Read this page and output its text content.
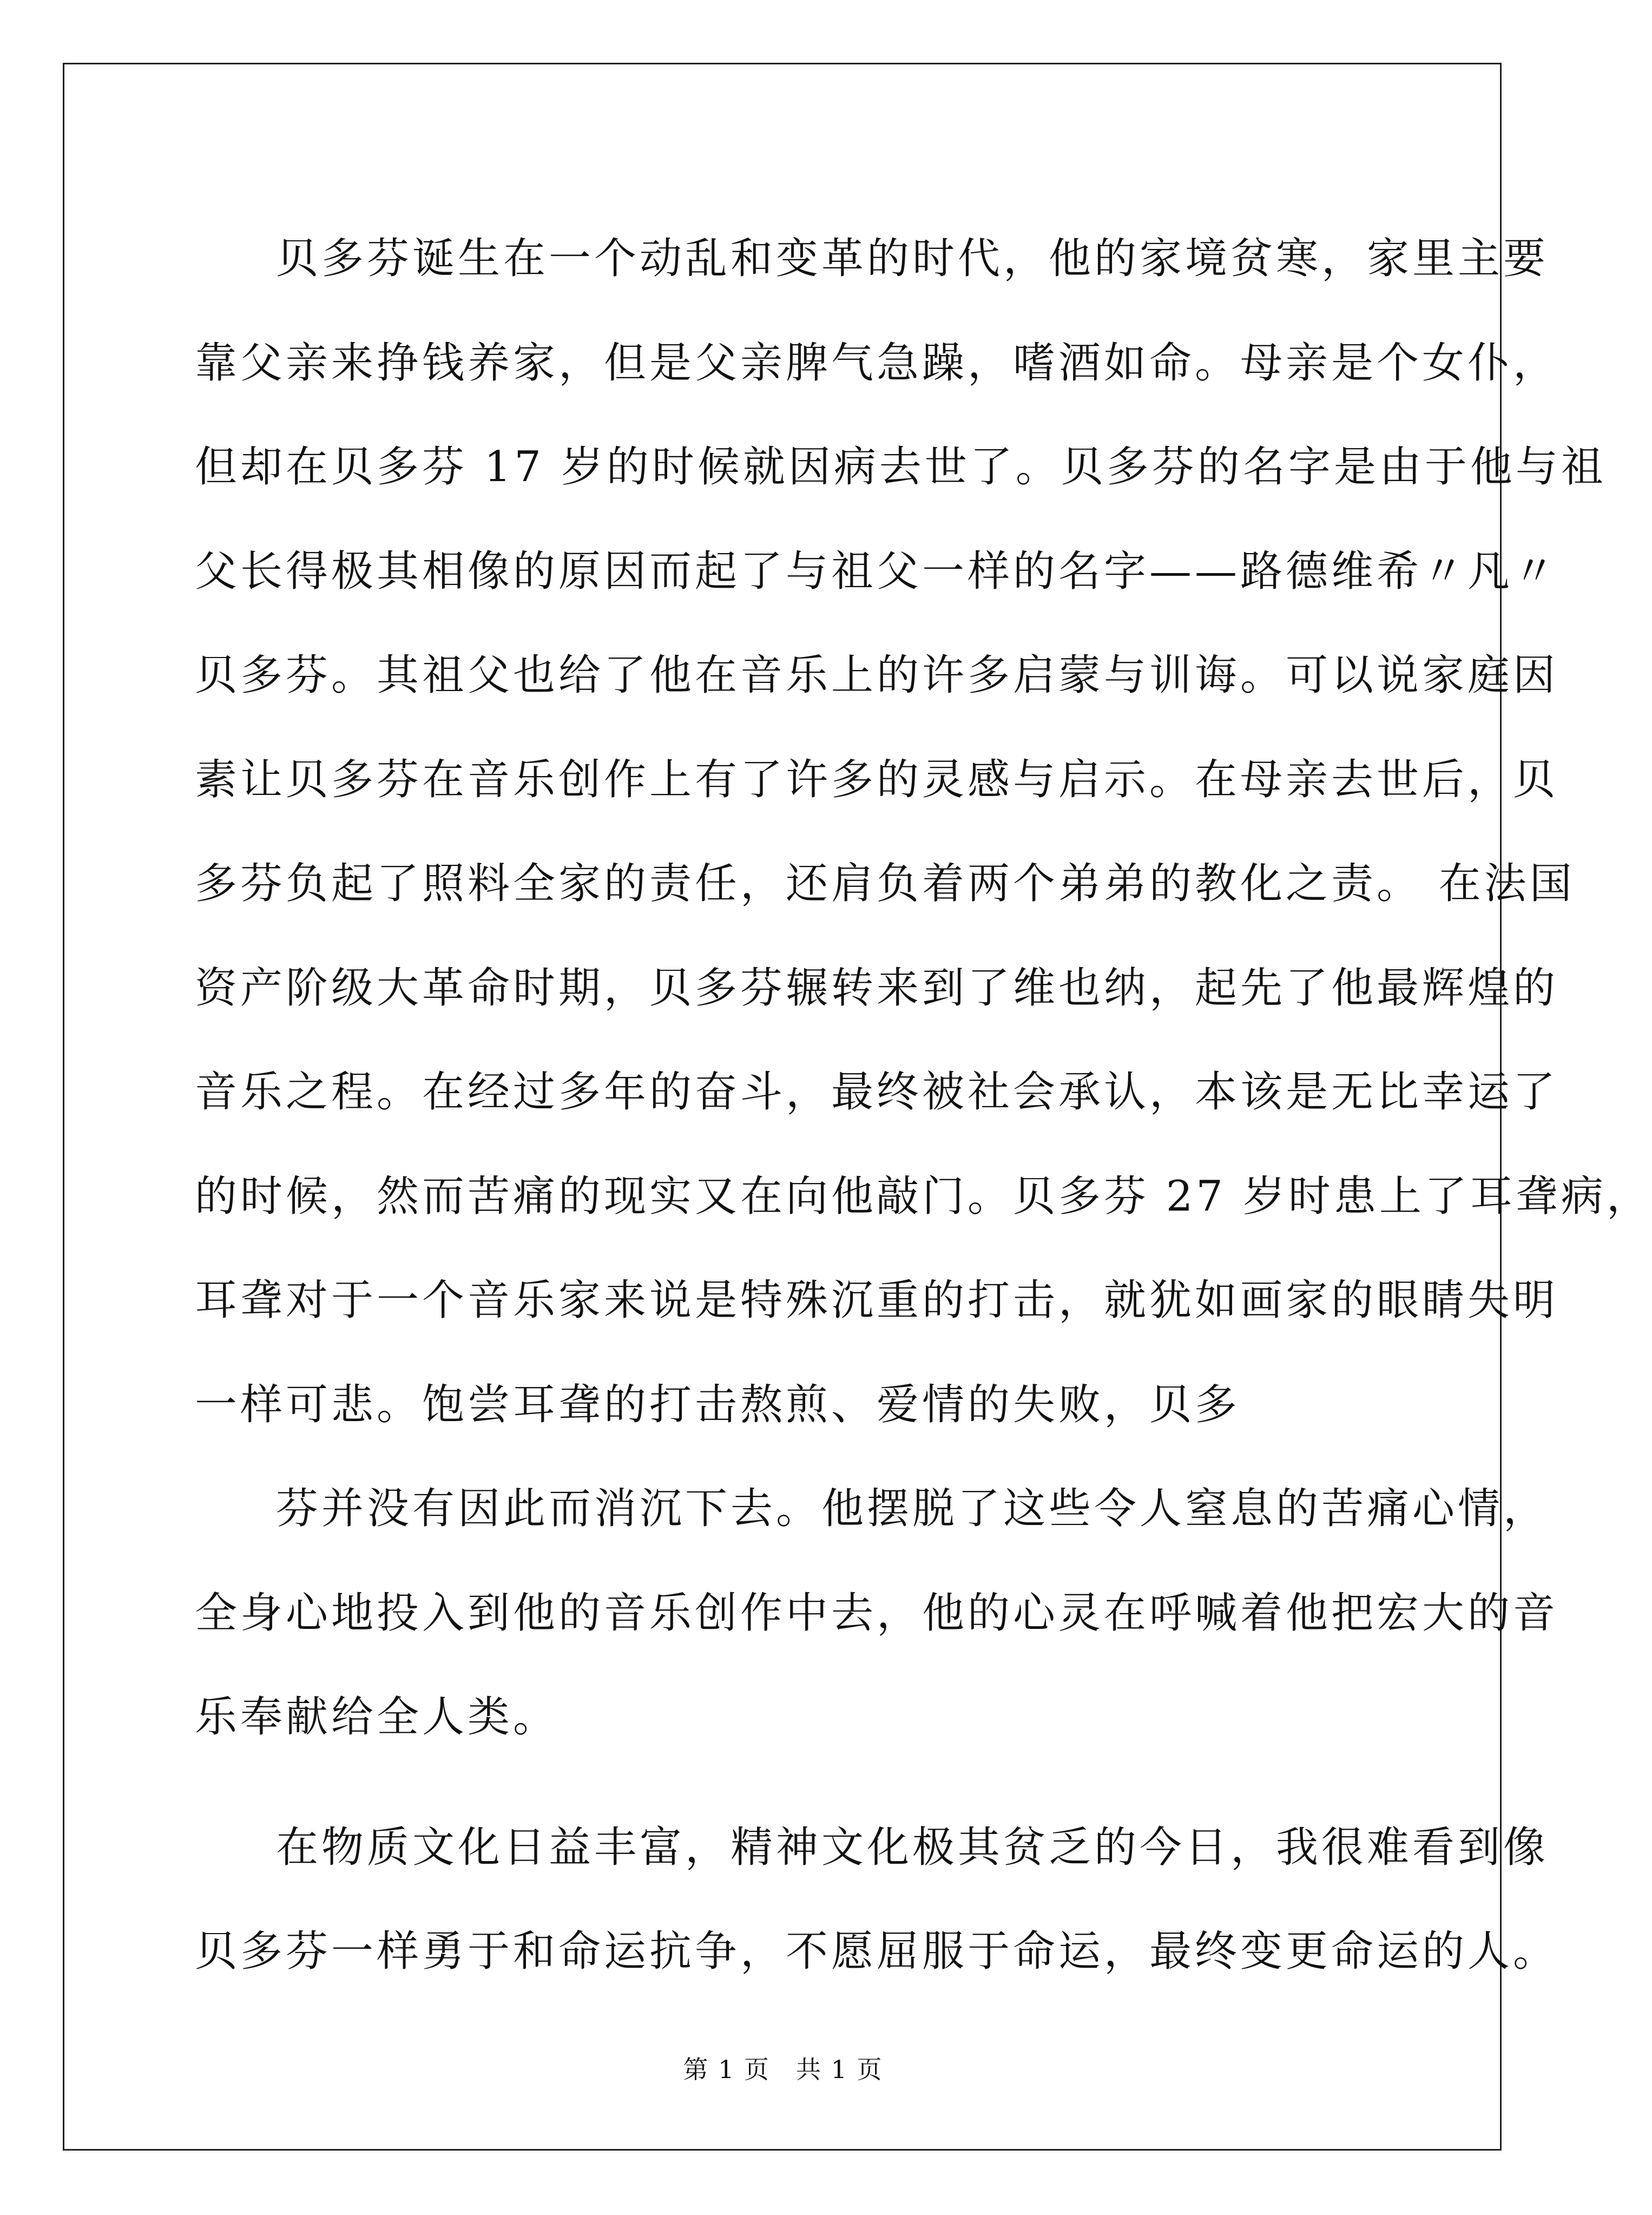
贝多芬诞生在一个动乱和变革的时代，他的家境贫寒，家里主要
靠父亲来挣钱养家，但是父亲脾气急躁，嗜酒如命。母亲是个女仆，
但却在贝多芬 17 岁的时候就因病去世了。贝多芬的名字是由于他与祖
父长得极其相像的原因而起了与祖父一样的名字——路德维希〃凡〃
贝多芬。其祖父也给了他在音乐上的许多启蒙与训诲。可以说家庭因
素让贝多芬在音乐创作上有了许多的灵感与启示。在母亲去世后，贝
多芬负起了照料全家的责任，还肩负着两个弟弟的教化之责。 在法国
资产阶级大革命时期，贝多芬辗转来到了维也纳，起先了他最辉煌的
音乐之程。在经过多年的奋斗，最终被社会承认，本该是无比幸运了
的时候，然而苦痛的现实又在向他敲门。贝多芬 27 岁时患上了耳聋病，
耳聋对于一个音乐家来说是特殊沉重的打击，就犹如画家的眼睛失明
一样可悲。饱尝耳聋的打击熬煎、爱情的失败，贝多
芬并没有因此而消沉下去。他摆脱了这些令人窒息的苦痛心情，
全身心地投入到他的音乐创作中去，他的心灵在呼喊着他把宏大的音
乐奉献给全人类。
在物质文化日益丰富，精神文化极其贫乏的今日，我很难看到像
贝多芬一样勇于和命运抗争，不愿屈服于命运，最终变更命运的人。
第 1 页 共 1 页
